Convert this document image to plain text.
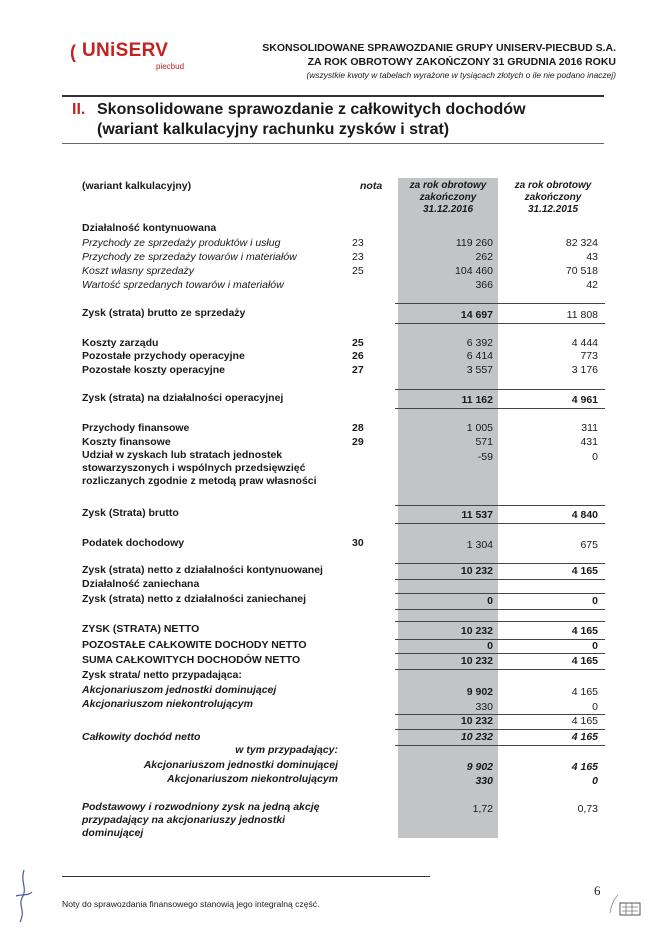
( UNiSERV
piecbud
SKONSOLIDOWANE SPRAWOZDANIE GRUPY UNISERV-PIECBUD S.A.
ZA ROK OBROTOWY ZAKOŃCZONY 31 GRUDNIA 2016 ROKU
(wszystkie kwoty w tabelach wyrażone w tysiącach złotych o ile nie podano inaczej)
II. Skonsolidowane sprawozdanie z całkowitych dochodów
(wariant kalkulacyjny rachunku zysków i strat)
(wariant kalkulacyjny)	nota	za rok obrotowy
zakończony
31.12.2016
za rok obrotowy
zakończony
31.12.2015
Działalność kontynuowana
Przychody ze sprzedaży produktów i usług	23	119 260	82 324
Przychody ze sprzedaży towarów i materiałów	23	262	43
Koszt własny sprzedaży	25	104 460	70 518
Wartość sprzedanych towarów i materiałów	366	42
Zysk (strata) brutto ze sprzedaży	14 697	11 808
Koszty zarządu	25	6 392	4 444
Pozostałe przychody operacyjne	26	6 414	773
Pozostałe koszty operacyjne	27	3 557	3 176
Zysk (strata) na działalności operacyjnej	11 162	4 961
Przychody finansowe	28	1 005	311
Koszty finansowe	29	571	431
Udział w zyskach lub stratach jednostek
stowarzyszonych i wspólnych przedsięwzięć
rozliczanych zgodnie z metodą praw własności
-59	0
Zysk (Strata) brutto	11 537	4 840
Podatek dochodowy	30	1 304	675
Zysk (strata) netto z działalności kontynuowanej	10 232	4 165
Działalność zaniechana
Zysk (strata) netto z działalności zaniechanej	0	0
ZYSK (STRATA) NETTO	10 232	4 165
POZOSTAŁE CAŁKOWITE DOCHODY NETTO	0	0
SUMA CAŁKOWITYCH DOCHODÓW NETTO	10 232	4 165
Zysk strata/ netto przypadająca:
Akcjonariuszom jednostki dominującej	9 902	4 165
Akcjonariuszom niekontrolującym	330	0
10 232	4 165
Całkowity dochód netto	10 232	4 165
w tym przypadający:
Akcjonariuszom jednostki dominującej	9 902	4 165
Akcjonariuszom niekontrolującym	330	0
Podstawowy i rozwodniony zysk na jedną akcję
przypadający na akcjonariuszy jednostki
dominującej
1,72	0,73
Noty do sprawozdania finansowego stanowią jego integralną część.
6
